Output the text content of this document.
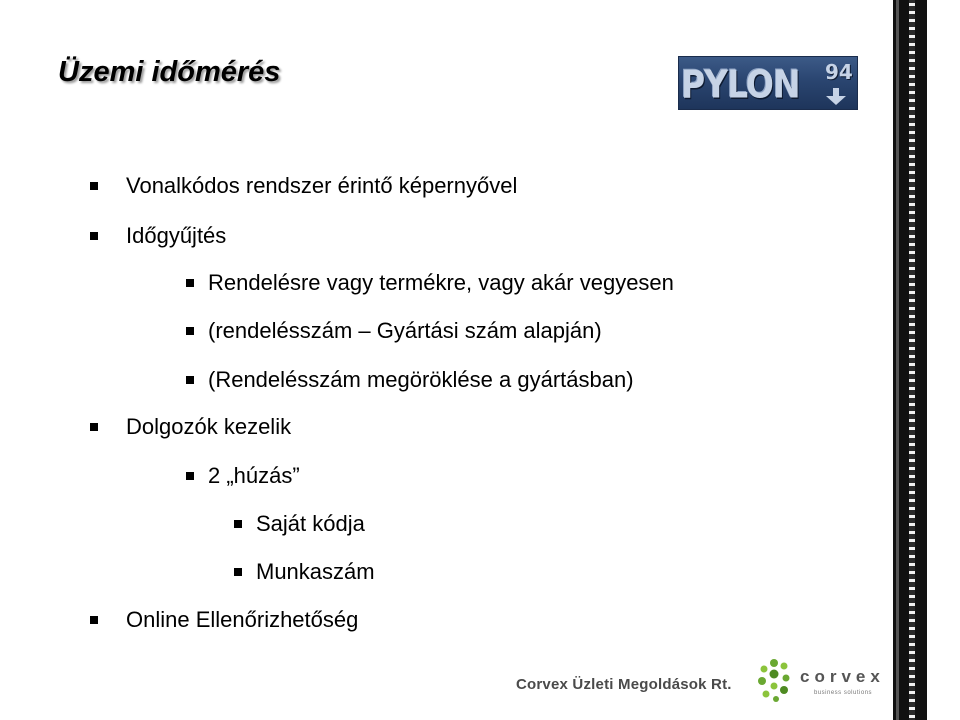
Üzemi időmérés	PYLON 94
Vonalkódos rendszer érintő képernyővel
Időgyűjtés
Rendelésre vagy termékre, vagy akár vegyesen
(rendelésszám – Gyártási szám alapján)
(Rendelésszám megöröklése a gyártásban)
Dolgozók kezelik
2 „húzás”
Saját kódja
Munkaszám
Online Ellenőrizhetőség
Corvex Üzleti Megoldások Rt.	corvex
business solutions
